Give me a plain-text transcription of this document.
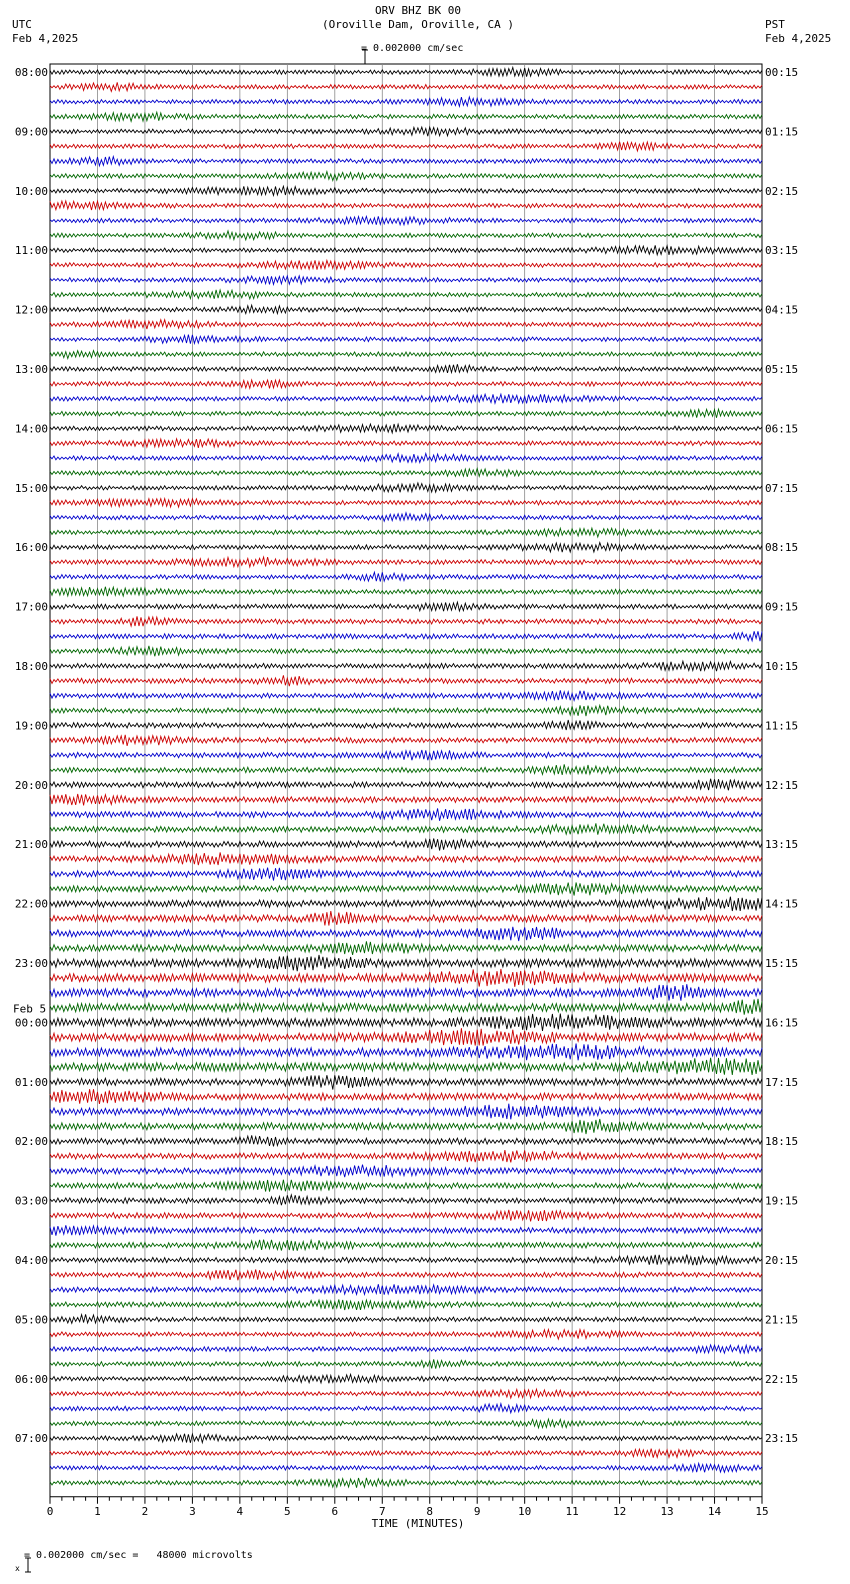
ORV BHZ BK 00
(Oroville Dam, Oroville, CA )

= 0.002000 cm/sec
UTC
Feb 4,2025
PST
Feb 4,2025
08:00	00:15
09:00	01:15
10:00	02:15
11:00	03:15
12:00	04:15
13:00	05:15
14:00	06:15
15:00	07:15
16:00	08:15
17:00	09:15
18:00	10:15
19:00	11:15
20:00	12:15
21:00	13:15
22:00	14:15
23:00	15:15
00:00	16:15
01:00	17:15
02:00	18:15
03:00	19:15
04:00	20:15
05:00	21:15
06:00	22:15
07:00	23:15
Feb 5
0	1	2	3	4	5	6	7	8	9	10	11	12	13	14	15
TIME (MINUTES)

x

= 0.002000 cm/sec =   48000 microvolts
